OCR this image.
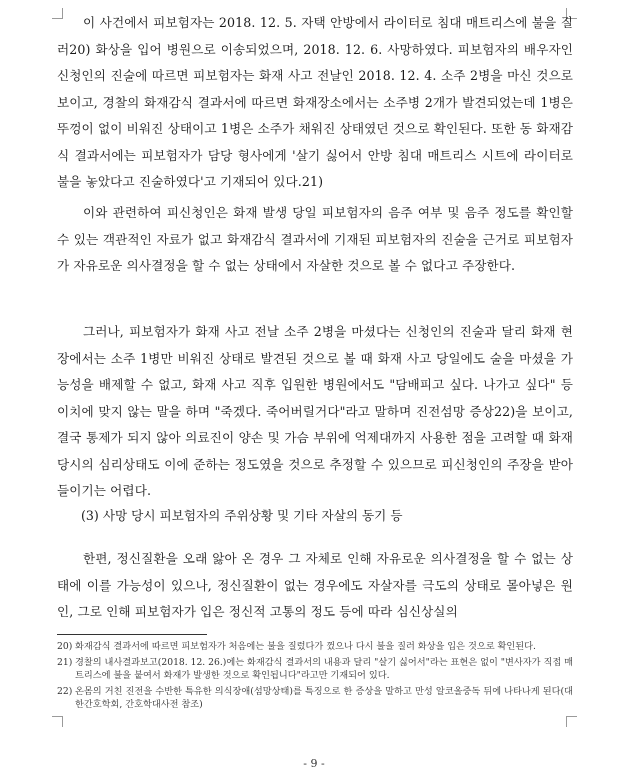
이 사건에서 피보험자는 2018. 12. 5. 자택 안방에서 라이터로 침대 매트리스에 불을 질러20) 화상을 입어 병원으로 이송되었으며, 2018. 12. 6. 사망하였다. 피보험자의 배우자인 신청인의 진술에 따르면 피보험자는 화재 사고 전날인 2018. 12. 4. 소주 2병을 마신 것으로 보이고, 경찰의 화재감식 결과서에 따르면 화재장소에서는 소주병 2개가 발견되었는데 1병은 뚜껑이 없이 비워진 상태이고 1병은 소주가 채워진 상태였던 것으로 확인된다. 또한 동 화재감식 결과서에는 피보험자가 담당 형사에게 '살기 싫어서 안방 침대 매트리스 시트에 라이터로 불을 놓았다고 진술하였다'고 기재되어 있다.21)

이와 관련하여 피신청인은 화재 발생 당일 피보험자의 음주 여부 및 음주 정도를 확인할 수 있는 객관적인 자료가 없고 화재감식 결과서에 기재된 피보험자의 진술을 근거로 피보험자가 자유로운 의사결정을 할 수 없는 상태에서 자살한 것으로 볼 수 없다고 주장한다.

그러나, 피보험자가 화재 사고 전날 소주 2병을 마셨다는 신청인의 진술과 달리 화재 현장에서는 소주 1병만 비워진 상태로 발견된 것으로 볼 때 화재 사고 당일에도 술을 마셨을 가능성을 배제할 수 없고, 화재 사고 직후 입원한 병원에서도 "담배피고 싶다. 나가고 싶다" 등 이치에 맞지 않는 말을 하며 "죽겠다. 죽어버릴거다"라고 말하며 진전섬망 증상22)을 보이고, 결국 통제가 되지 않아 의료진이 양손 및 가슴 부위에 억제대까지 사용한 점을 고려할 때 화재 당시의 심리상태도 이에 준하는 정도였을 것으로 추정할 수 있으므로 피신청인의 주장을 받아들이기는 어렵다.

(3) 사망 당시 피보험자의 주위상황 및 기타 자살의 동기 등

한편, 정신질환을 오래 앓아 온 경우 그 자체로 인해 자유로운 의사결정을 할 수 없는 상태에 이를 가능성이 있으나, 정신질환이 없는 경우에도 자살자를 극도의 상태로 몰아넣은 원인, 그로 인해 피보험자가 입은 정신적 고통의 정도 등에 따라 심신상실의

20) 화재감식 결과서에 따르면 피보험자가 처음에는 불을 질렀다가 껐으나 다시 불을 질러 화상을 입은 것으로 확인된다.
21) 경찰의 내사결과보고(2018. 12. 26.)에는 화재감식 결과서의 내용과 달리 "살기 싫어서"라는 표현은 없이 "변사자가 직접 매트리스에 불을 붙여서 화재가 발생한 것으로 확인됩니다"라고만 기재되어 있다.
22) 온몸의 거친 진전을 수반한 특유한 의식장애(섬망상태)를 특징으로 한 증상을 말하고 만성 알코올중독 뒤에 나타나게 된다(대한간호학회, 간호학대사전 참조)
- 9 -
